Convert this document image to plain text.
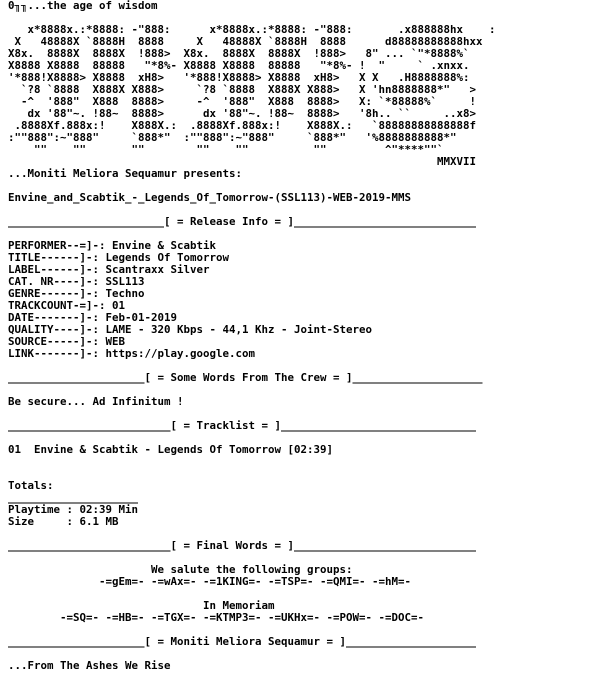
0╖╖...the age of wisdom
x*8888x.:*8888: -"888:      x*8888x.:*8888: -"888:       .x888888hx    :
X   48888X `8888H  8888     X   48888X `8888H  8888      d88888888888hxx
X8x.  8888X  8888X  !888>  X8x.  8888X  8888X  !888>   8" ... `"*8888%`
X8888 X8888  88888   "*8%- X8888 X8888  88888   "*8%- !  "     ` .xnxx.
'*888!X8888> X8888  xH8>   '*888!X8888> X8888  xH8>   X X   .H8888888%:
`?8 `8888  X888X X888>     `?8 `8888  X888X X888>   X 'hn8888888*"   >
-^  '888"  X888  8888>     -^  '888"  X888  8888>   X: `*88888%`     !
dx '88"~. !88~  8888>      dx '88"~. !88~  8888>   '8h.. ``     ..x8>
.8888Xf.888x:!    X888X.:  .8888Xf.888x:!    X888X.:   `88888888888888f
:""888":~"888"     `888*"  :""888":~"888"     `888*"   '%8888888888*"
""    ""       ""        ""    ""          ""         ^"****""`
MMXVII
...Moniti Meliora Sequamur presents:
Envine_and_Scabtik_-_Legends_Of_Tomorrow-(SSL113)-WEB-2019-MMS
________________________[ = Release Info = ]____________________________
PERFORMER--=]-: Envine & Scabtik
TITLE------]-: Legends Of Tomorrow
LABEL------]-: Scantraxx Silver
CAT. NR----]-: SSL113
GENRE------]-: Techno
TRACKCOUNT-=]-: 01
DATE-------]-: Feb-01-2019
QUALITY----]-: LAME - 320 Kbps - 44,1 Khz - Joint-Stereo
SOURCE-----]-: WEB
LINK-------]-: https://play.google.com
_____________________[ = Some Words From The Crew = ]____________________
Be secure... Ad Infinitum !
_________________________[ = Tracklist = ]______________________________
01  Envine & Scabtik - Legends Of Tomorrow [02:39]
Totals:
____________________
Playtime : 02:39 Min
Size     : 6.1 MB
_________________________[ = Final Words = ]____________________________
We salute the following groups:
-=gEm=- -=wAx=- -=1KING=- -=TSP=- -=QMI=- -=hM=-
In Memoriam
-=SQ=- -=HB=- -=TGX=- -=KTMP3=- -=UKHx=- -=POW=- -=DOC=-
_____________________[ = Moniti Meliora Sequamur = ]____________________
...From The Ashes We Rise
